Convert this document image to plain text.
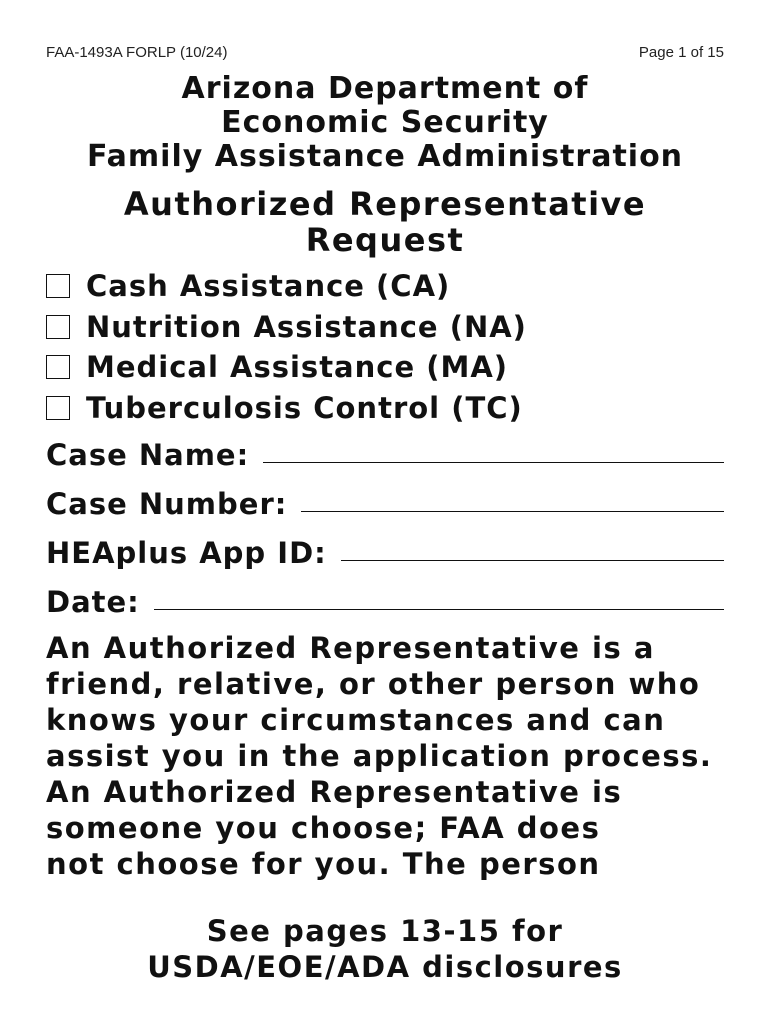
FAA-1493A FORLP (10/24)	Page 1 of 15
Arizona Department of
Economic Security
Family Assistance Administration
Authorized Representative
Request
Cash Assistance (CA)
Nutrition Assistance (NA)
Medical Assistance (MA)
Tuberculosis Control (TC)
Case Name:
Case Number:
HEAplus App ID:
Date:
An Authorized Representative is a
friend, relative, or other person who
knows your circumstances and can
assist you in the application process.
An Authorized Representative is
someone you choose; FAA does
not choose for you. The person
See pages 13-15 for
USDA/EOE/ADA disclosures
